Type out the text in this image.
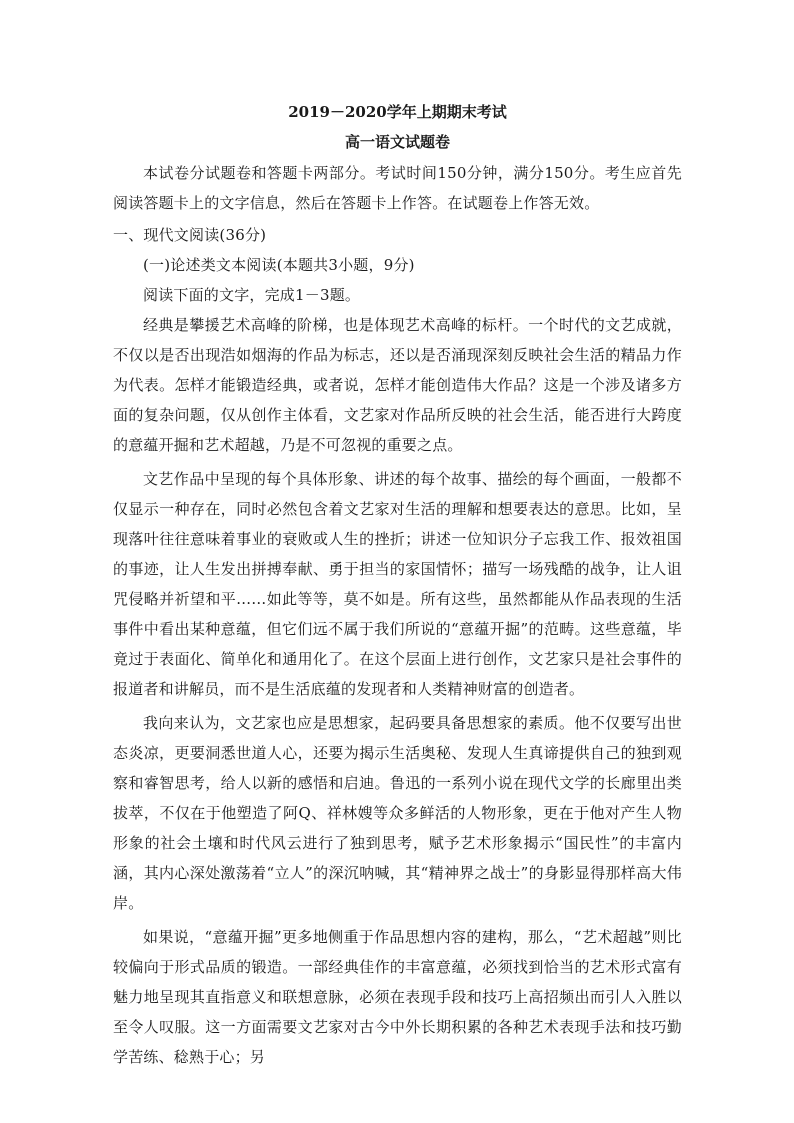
2019－2020学年上期期末考试
高一语文试题卷

本试卷分试题卷和答题卡两部分。考试时间150分钟，满分150分。考生应首先阅读答题卡上的文字信息，然后在答题卡上作答。在试题卷上作答无效。

一、现代文阅读(36分)

(一)论述类文本阅读(本题共3小题，9分)

阅读下面的文字，完成1－3题。

经典是攀援艺术高峰的阶梯，也是体现艺术高峰的标杆。一个时代的文艺成就，不仅以是否出现浩如烟海的作品为标志，还以是否涌现深刻反映社会生活的精品力作为代表。怎样才能锻造经典，或者说，怎样才能创造伟大作品？这是一个涉及诸多方面的复杂问题，仅从创作主体看，文艺家对作品所反映的社会生活，能否进行大跨度的意蕴开掘和艺术超越，乃是不可忽视的重要之点。

文艺作品中呈现的每个具体形象、讲述的每个故事、描绘的每个画面，一般都不仅显示一种存在，同时必然包含着文艺家对生活的理解和想要表达的意思。比如，呈现落叶往往意味着事业的衰败或人生的挫折；讲述一位知识分子忘我工作、报效祖国的事迹，让人生发出拼搏奉献、勇于担当的家国情怀；描写一场残酷的战争，让人诅咒侵略并祈望和平……如此等等，莫不如是。所有这些，虽然都能从作品表现的生活事件中看出某种意蕴，但它们远不属于我们所说的“意蕴开掘”的范畴。这些意蕴，毕竟过于表面化、简单化和通用化了。在这个层面上进行创作，文艺家只是社会事件的报道者和讲解员，而不是生活底蕴的发现者和人类精神财富的创造者。

我向来认为，文艺家也应是思想家，起码要具备思想家的素质。他不仅要写出世态炎凉，更要洞悉世道人心，还要为揭示生活奥秘、发现人生真谛提供自己的独到观察和睿智思考，给人以新的感悟和启迪。鲁迅的一系列小说在现代文学的长廊里出类拔萃，不仅在于他塑造了阿Q、祥林嫂等众多鲜活的人物形象，更在于他对产生人物形象的社会土壤和时代风云进行了独到思考，赋予艺术形象揭示“国民性”的丰富内涵，其内心深处激荡着“立人”的深沉呐喊，其“精神界之战士”的身影显得那样高大伟岸。

如果说，“意蕴开掘”更多地侧重于作品思想内容的建构，那么，“艺术超越”则比较偏向于形式品质的锻造。一部经典佳作的丰富意蕴，必须找到恰当的艺术形式富有魅力地呈现其直指意义和联想意脉，必须在表现手段和技巧上高招频出而引人入胜以至令人叹服。这一方面需要文艺家对古今中外长期积累的各种艺术表现手法和技巧勤学苦练、稔熟于心；另
